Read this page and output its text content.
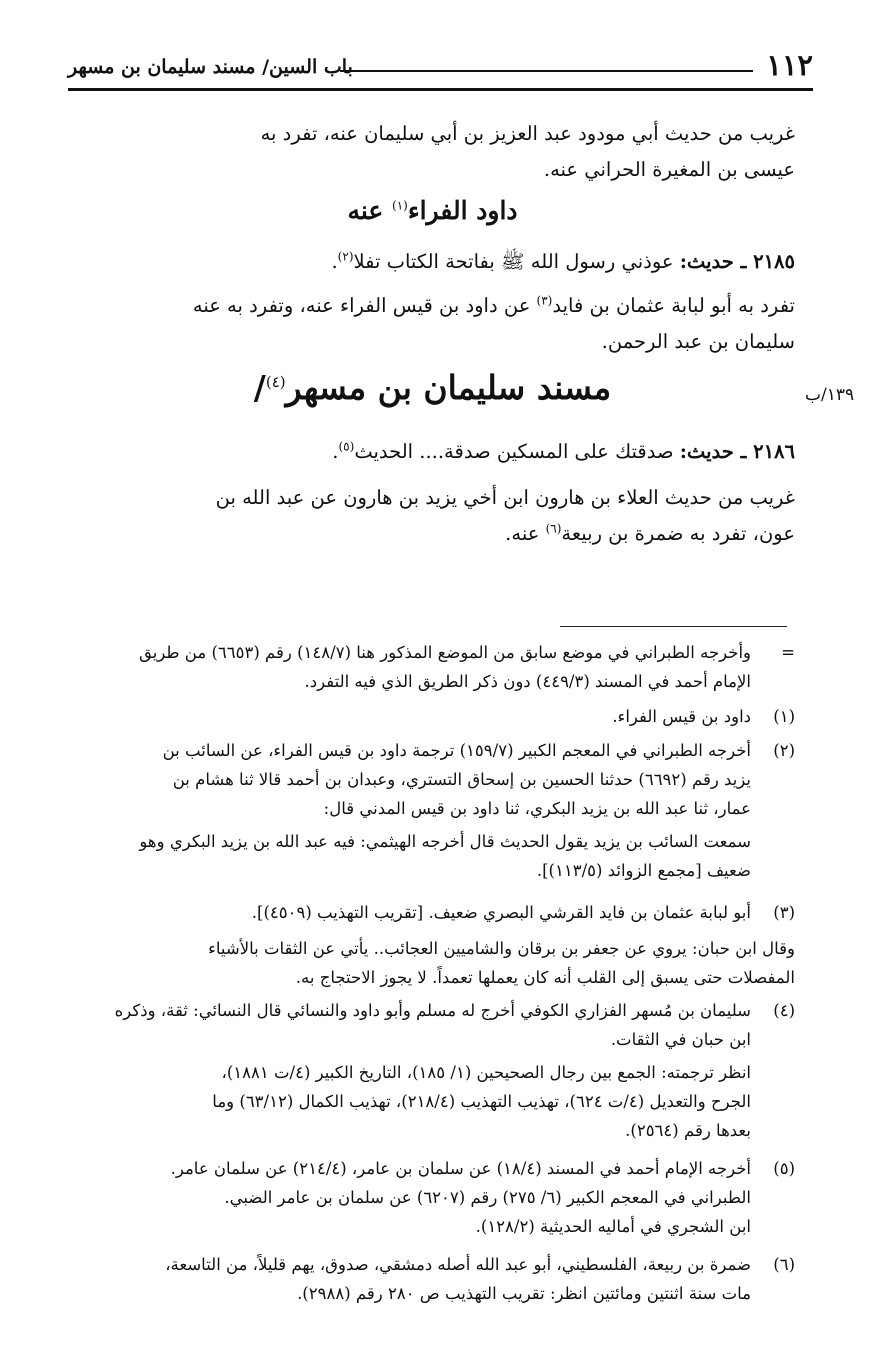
١١٢
باب السين/ مسند سليمان بن مسهر
١٣٩/ب
غريب من حديث أبي مودود عبد العزيز بن أبي سليمان عنه، تفرد به
عيسى بن المغيرة الحراني عنه.
داود الفراء$^{(١)}$ عنه
٢١٨٥ ـ حديث: عوذني رسول الله ﷺ بفاتحة الكتاب تفلا$^{(٢)}$.
تفرد به أبو لبابة عثمان بن فايد$^{(٣)}$ عن داود بن قيس الفراء عنه، وتفرد به عنه
سليمان بن عبد الرحمن.
مسند سليمان بن مسهر$^{(٤)}$/
٢١٨٦ ـ حديث: صدقتك على المسكين صدقة.... الحديث$^{(٥)}$.
غريب من حديث العلاء بن هارون ابن أخي يزيد بن هارون عن عبد الله بن
عون، تفرد به ضمرة بن ربيعة$^{(٦)}$ عنه.
=
وأخرجه الطبراني في موضع سابق من الموضع المذكور هنا (١٤٨/٧) رقم (٦٦٥٣) من طريق
الإمام أحمد في المسند (٤٤٩/٣) دون ذكر الطريق الذي فيه التفرد.
(١)
داود بن قيس الفراء.
(٢)
أخرجه الطبراني في المعجم الكبير (١٥٩/٧) ترجمة داود بن قيس الفراء، عن السائب بن
يزيد رقم (٦٦٩٢) حدثنا الحسين بن إسحاق التستري، وعبدان بن أحمد قالا ثنا هشام بن
عمار، ثنا عبد الله بن يزيد البكري، ثنا داود بن قيس المدني قال:
سمعت السائب بن يزيد يقول الحديث قال أخرجه الهيثمي: فيه عبد الله بن يزيد البكري وهو
ضعيف [مجمع الزوائد (١١٣/٥)].
(٣)
أبو لبابة عثمان بن فايد القرشي البصري ضعيف. [تقريب التهذيب (٤٥٠٩)].
وقال ابن حبان: يروي عن جعفر بن برقان والشاميين العجائب.. يأتي عن الثقات بالأشياء
المفصلات حتى يسبق إلى القلب أنه كان يعملها تعمداً. لا يجوز الاحتجاج به.
(٤)
سليمان بن مُسهر الفزاري الكوفي أخرج له مسلم وأبو داود والنسائي قال النسائي: ثقة، وذكره
ابن حبان في الثقات.
انظر ترجمته: الجمع بين رجال الصحيحين (١/ ١٨٥)، التاريخ الكبير (٤/ت ١٨٨١)،
الجرح والتعديل (٤/ت ٦٢٤)، تهذيب التهذيب (٢١٨/٤)، تهذيب الكمال (٦٣/١٢) وما
بعدها رقم (٢٥٦٤).
(٥)
أخرجه الإمام أحمد في المسند (١٨/٤) عن سلمان بن عامر، (٢١٤/٤) عن سلمان عامر.
الطبراني في المعجم الكبير (٦/ ٢٧٥) رقم (٦٢٠٧) عن سلمان بن عامر الضبي.
ابن الشجري في أماليه الحديثية (١٢٨/٢).
(٦)
ضمرة بن ربيعة، الفلسطيني، أبو عبد الله أصله دمشقي، صدوق، يهم قليلاً، من التاسعة،
مات سنة اثنتين ومائتين انظر: تقريب التهذيب ص ٢٨٠ رقم (٢٩٨٨).
